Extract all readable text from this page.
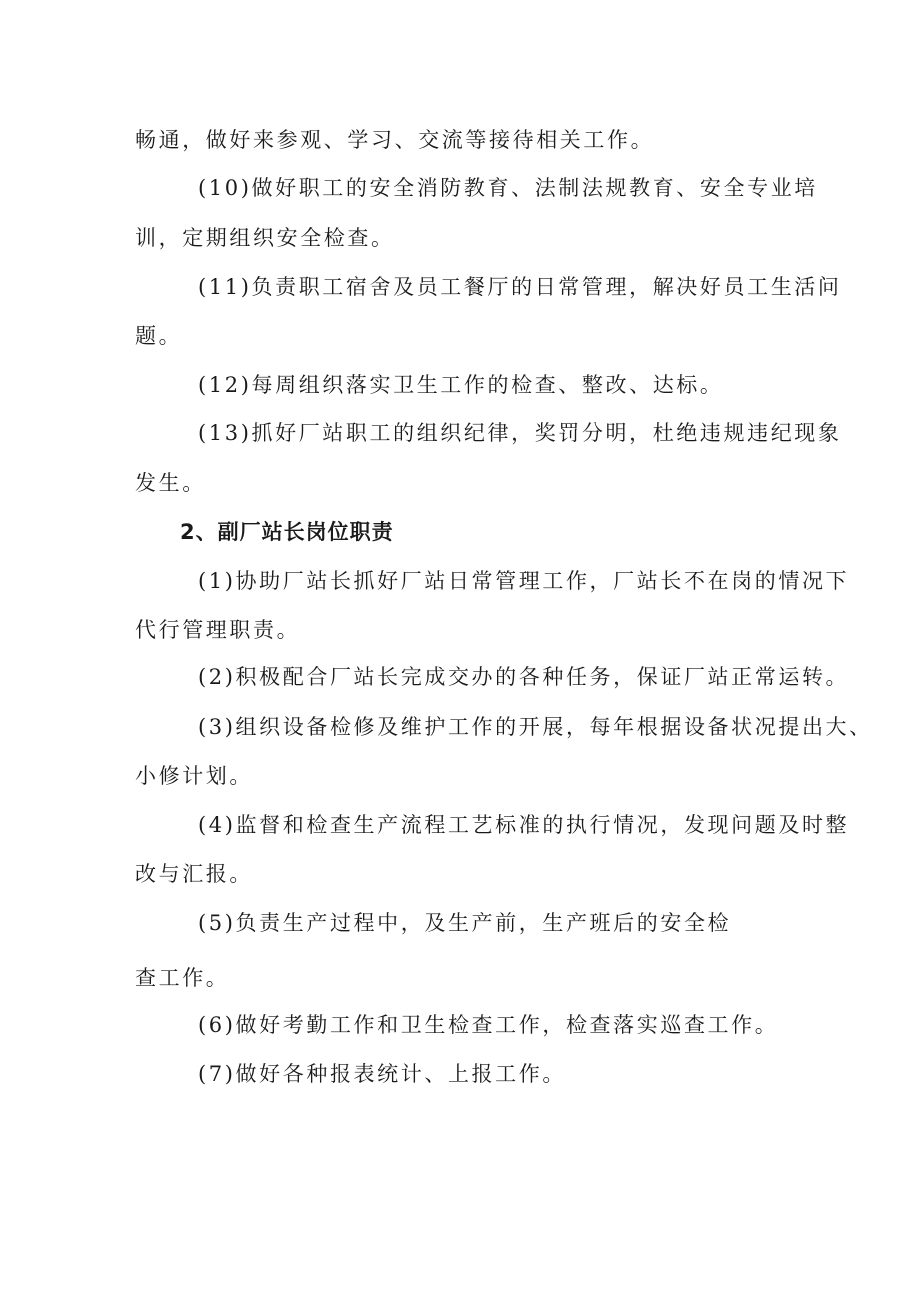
畅通，做好来参观、学习、交流等接待相关工作。
(10)做好职工的安全消防教育、法制法规教育、安全专业培
训，定期组织安全检查。
(11)负责职工宿舍及员工餐厅的日常管理，解决好员工生活问
题。
(12)每周组织落实卫生工作的检查、整改、达标。
(13)抓好厂站职工的组织纪律，奖罚分明，杜绝违规违纪现象
发生。
2、副厂站长岗位职责
(1)协助厂站长抓好厂站日常管理工作，厂站长不在岗的情况下
代行管理职责。
(2)积极配合厂站长完成交办的各种任务，保证厂站正常运转。
(3)组织设备检修及维护工作的开展，每年根据设备状况提出大、
小修计划。
(4)监督和检查生产流程工艺标准的执行情况，发现问题及时整
改与汇报。
(5)负责生产过程中，及生产前，生产班后的安全检
查工作。
(6)做好考勤工作和卫生检查工作，检查落实巡查工作。
(7)做好各种报表统计、上报工作。
